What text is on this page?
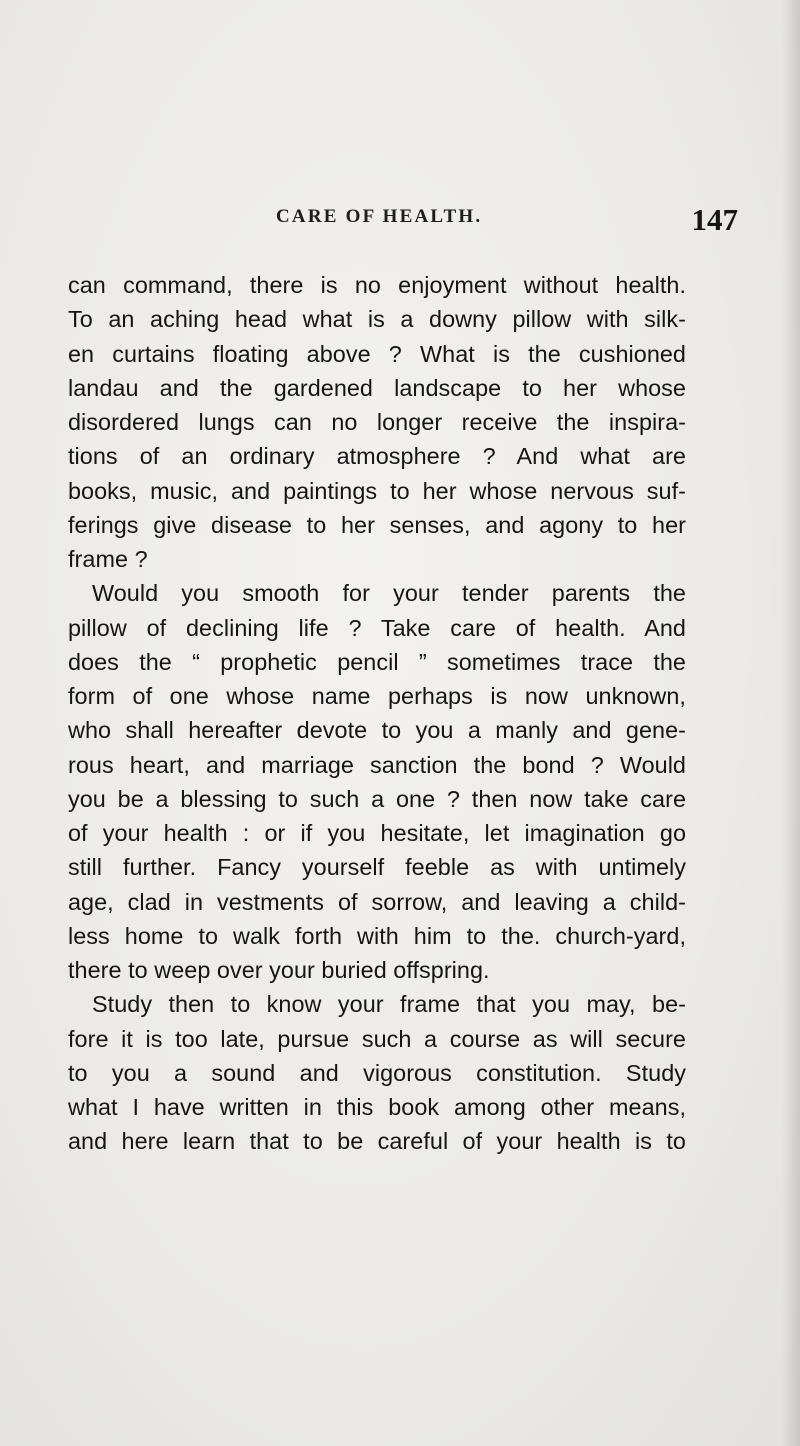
CARE OF HEALTH.	147
can command, there is no enjoyment without health.
To an aching head what is a downy pillow with silk-
en curtains floating above ? What is the cushioned
landau and the gardened landscape to her whose
disordered lungs can no longer receive the inspira-
tions of an ordinary atmosphere ? And what are
books, music, and paintings to her whose nervous suf-
ferings give disease to her senses, and agony to her
frame ?
Would you smooth for your tender parents the
pillow of declining life ? Take care of health. And
does the “ prophetic pencil ” sometimes trace the
form of one whose name perhaps is now unknown,
who shall hereafter devote to you a manly and gene-
rous heart, and marriage sanction the bond ? Would
you be a blessing to such a one ? then now take care
of your health : or if you hesitate, let imagination go
still further. Fancy yourself feeble as with untimely
age, clad in vestments of sorrow, and leaving a child-
less home to walk forth with him to the. church-yard,
there to weep over your buried offspring.
Study then to know your frame that you may, be-
fore it is too late, pursue such a course as will secure
to you a sound and vigorous constitution. Study
what I have written in this book among other means,
and here learn that to be careful of your health is to
